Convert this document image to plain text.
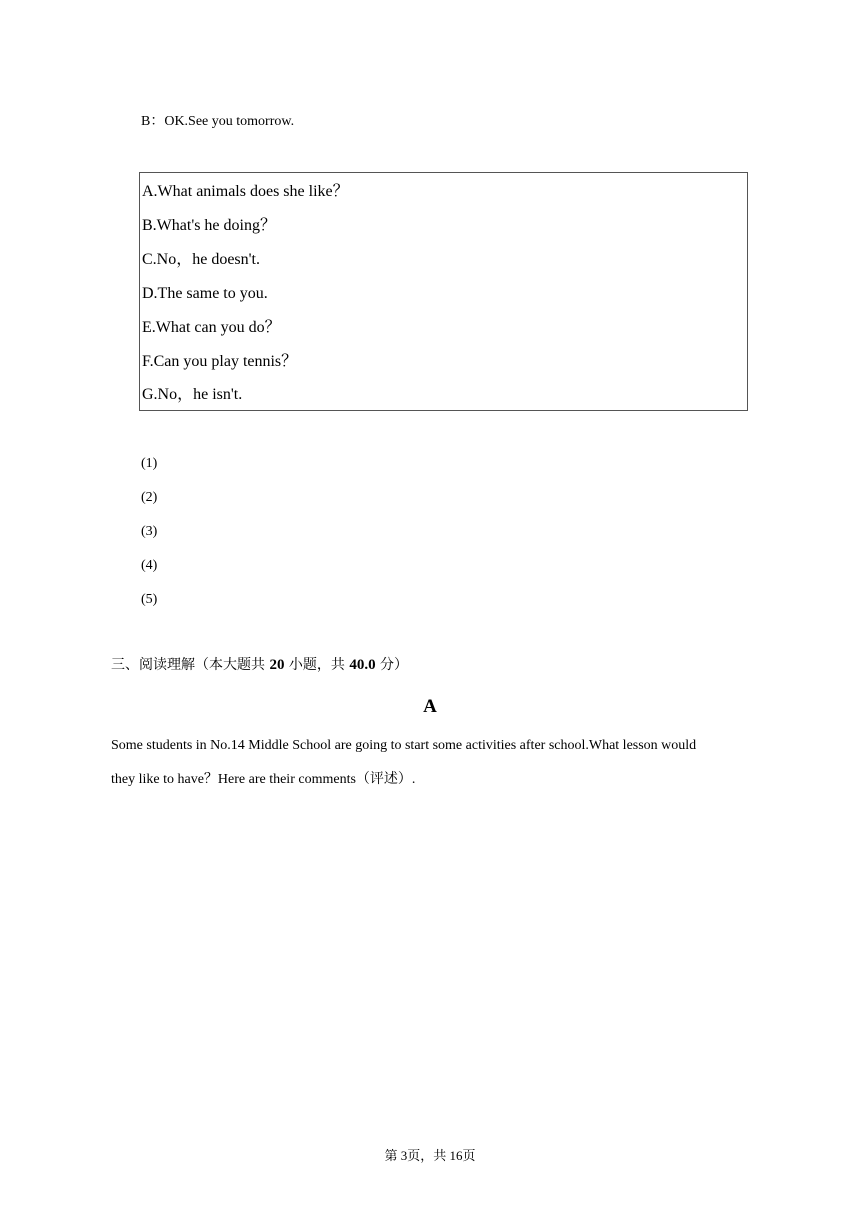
B：OK.See you tomorrow.
A.What animals does she like？
B.What's he doing？
C.No，he doesn't.
D.The same to you.
E.What can you do？
F.Can you play tennis？
G.No，he isn't.
(1)
(2)
(3)
(4)
(5)
三、阅读理解（本大题共 20 小题，共 40.0 分）
A
Some students in No.14 Middle School are going to start some activities after school.What lesson would
they like to have？Here are their comments（评述）.
第 3页，共 16页
